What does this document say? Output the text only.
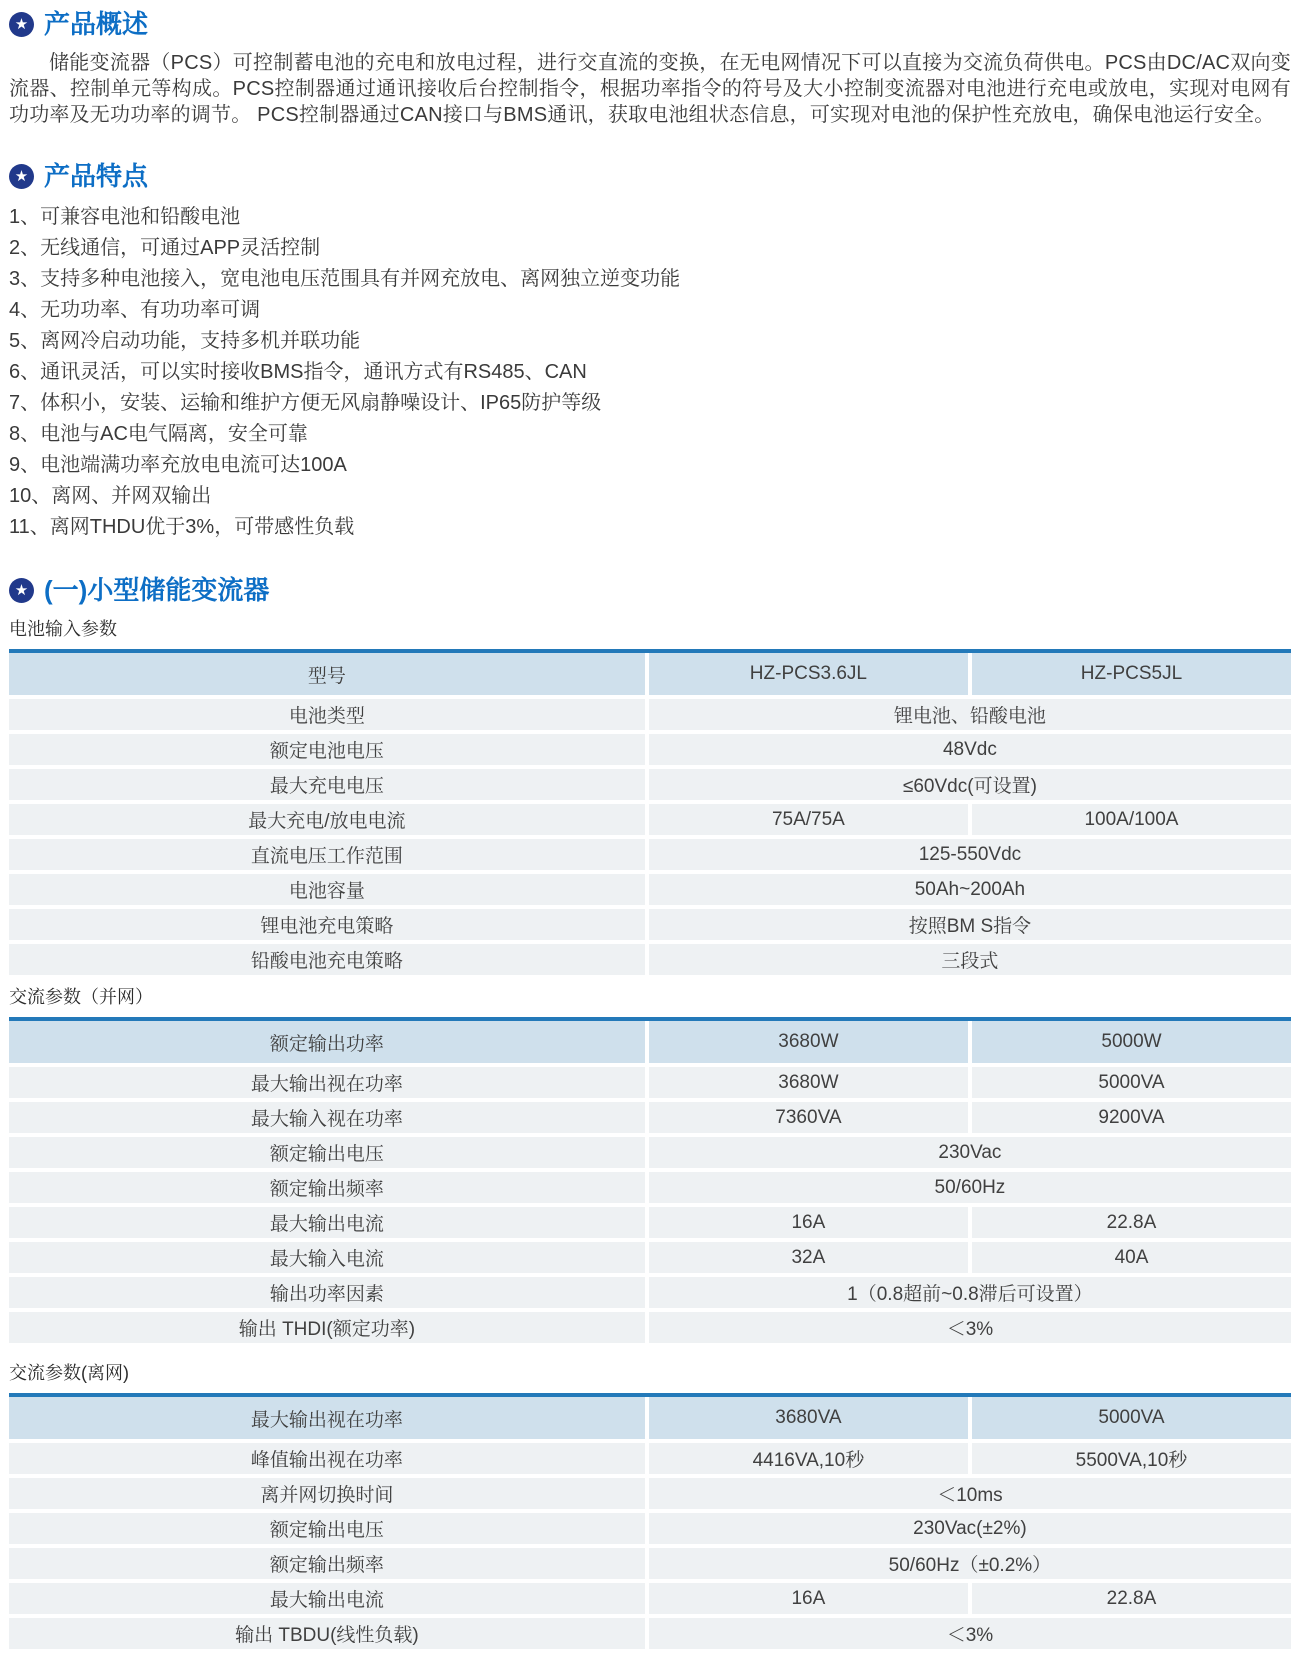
★ 产品概述

储能变流器（PCS）可控制蓄电池的充电和放电过程，进行交直流的变换，在无电网情况下可以直接为交流负荷供电。PCS由DC/AC双向变流器、控制单元等构成。PCS控制器通过通讯接收后台控制指令，根据功率指令的符号及大小控制变流器对电池进行充电或放电，实现对电网有功功率及无功功率的调节。 PCS控制器通过CAN接口与BMS通讯，获取电池组状态信息，可实现对电池的保护性充放电，确保电池运行安全。

★ 产品特点
1、可兼容电池和铅酸电池
2、无线通信，可通过APP灵活控制
3、支持多种电池接入，宽电池电压范围具有并网充放电、离网独立逆变功能
4、无功功率、有功功率可调
5、离网冷启动功能，支持多机并联功能
6、通讯灵活，可以实时接收BMS指令，通讯方式有RS485、CAN
7、体积小，安装、运输和维护方便无风扇静噪设计、IP65防护等级
8、电池与AC电气隔离，安全可靠
9、电池端满功率充放电电流可达100A
10、离网、并网双输出
11、离网THDU优于3%，可带感性负载
★ (一)小型储能变流器
电池输入参数
型号	HZ-PCS3.6JL	HZ-PCS5JL
电池类型	锂电池、铅酸电池
额定电池电压	48Vdc
最大充电电压	≤60Vdc(可设置)
最大充电/放电电流	75A/75A	100A/100A
直流电压工作范围	125-550Vdc
电池容量	50Ah~200Ah
锂电池充电策略	按照BM S指令
铅酸电池充电策略	三段式
交流参数（并网）
额定输出功率	3680W	5000W
最大输出视在功率	3680W	5000VA
最大输入视在功率	7360VA	9200VA
额定输出电压	230Vac
额定输出频率	50/60Hz
最大输出电流	16A	22.8A
最大输入电流	32A	40A
输出功率因素	1（0.8超前~0.8滞后可设置）
输出 THDI(额定功率)	＜3%
交流参数(离网)
最大输出视在功率	3680VA	5000VA
峰值输出视在功率	4416VA,10秒	5500VA,10秒
离并网切换时间	＜10ms
额定输出电压	230Vac(±2%)
额定输出频率	50/60Hz（±0.2%）
最大输出电流	16A	22.8A
输出 TBDU(线性负载)	＜3%
